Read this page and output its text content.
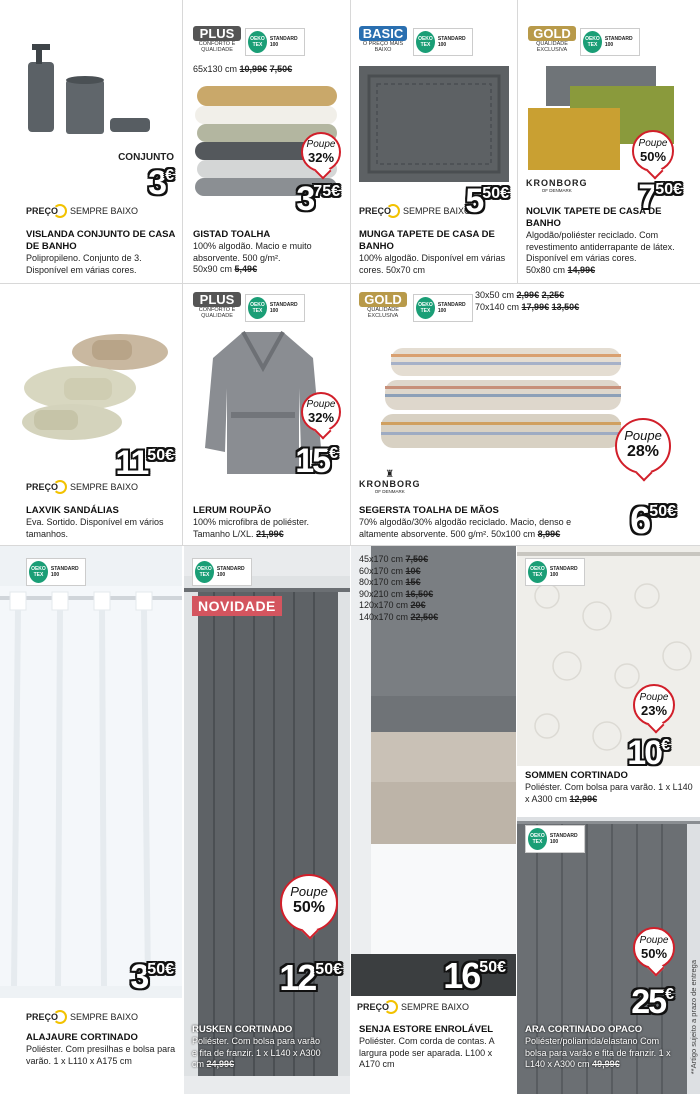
CONJUNTO
3€
PREÇO SEMPRE BAIXO
VISLANDA CONJUNTO DE CASA DE BANHO
Polipropileno. Conjunto de 3. Disponível em várias cores.
PLUS
CONFORTO E QUALIDADE
OEKO TEX
STANDARD 100
65x130 cm 10,99€ 7,50€
Poupe
32%
$3^{75€}$
GISTAD TOALHA
100% algodão. Macio e muito absorvente. 500 g/m².
50x90 cm 5,49€
BASIC
O PREÇO MAIS BAIXO
OEKO TEX
STANDARD 100
PREÇO SEMPRE BAIXO
$5^{50€}$
MUNGA TAPETE DE CASA DE BANHO
100% algodão. Disponível em várias cores. 50x70 cm
GOLD
QUALIDADE EXCLUSIVA
OEKO TEX
STANDARD 100
Poupe
50%
KRONBORG
OF DENMARK	$7^{50€}$
NOLVIK TAPETE DE CASA DE BANHO
Algodão/poliéster reciclado. Com revestimento antiderrapante de látex. Disponível em várias cores.
50x80 cm 14,99€
$11^{50€}$
PREÇO SEMPRE BAIXO
LAXVIK SANDÁLIAS
Eva. Sortido. Disponível em vários tamanhos.
PLUS
CONFORTO E QUALIDADE
OEKO TEX
STANDARD 100
Poupe
32%
15€
LERUM ROUPÃO
100% microfibra de poliéster. Tamanho L/XL. 21,99€
GOLD
QUALIDADE EXCLUSIVA
OEKO TEX
STANDARD 100
30x50 cm 2,99€ 2,25€
70x140 cm 17,99€ 13,50€
Poupe
28%
♜
KRONBORG
OF DENMARK
SEGERSTA TOALHA DE MÃOS
70% algodão/30% algodão reciclado. Macio, denso e altamente absorvente. 500 g/m². 50x100 cm 8,99€	$6^{50€}$
OEKO TEX
STANDARD 100
$3^{50€}$
PREÇO SEMPRE BAIXO
ALAJAURE CORTINADO
Poliéster. Com presilhas e bolsa para varão. 1 x L110 x A175 cm
OEKO TEX
STANDARD 100
NOVIDADE
Poupe
50%
$12^{50€}$
RUSKEN CORTINADO
Poliéster. Com bolsa para varão e fita de franzir. 1 x L140 x A300 cm 24,99€
45x170 cm 7,50€
60x170 cm 10€
80x170 cm 15€
90x210 cm 16,50€
120x170 cm 20€
140x170 cm 22,50€
$16^{50€}$
PREÇO SEMPRE BAIXO
SENJA ESTORE ENROLÁVEL
Poliéster. Com corda de contas. A largura pode ser aparada. L100 x A170 cm
OEKO TEX
STANDARD 100
Poupe
23%
10€
SOMMEN CORTINADO
Poliéster. Com bolsa para varão. 1 x L140 x A300 cm 12,99€
OEKO TEX
STANDARD 100
Poupe
50%
25€
ARA CORTINADO OPACO
Poliéster/poliamida/elastano Com bolsa para varão e fita de franzir. 1 x L140 x A300 cm 49,99€	**Artigo sujeito a prazo de entrega
